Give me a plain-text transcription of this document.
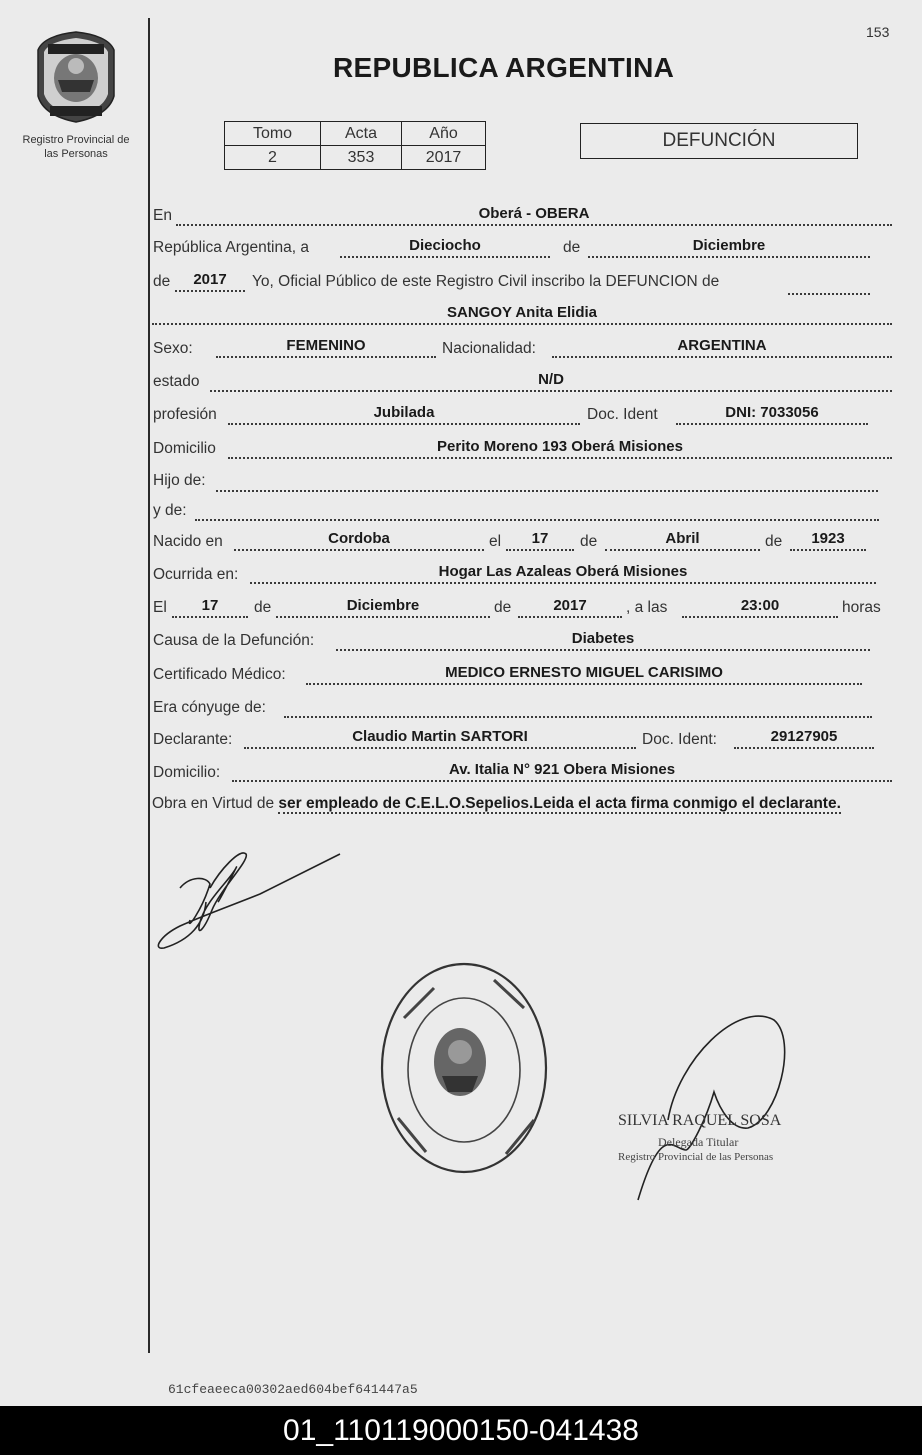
Registro Provincial de
las Personas
153
REPUBLICA ARGENTINA
Tomo	Acta	Año
2	353	2017
DEFUNCIÓN
En	Oberá - OBERA
República Argentina, a	Dieciocho	de	Diciembre
de	2017	Yo, Oficial Público de este Registro Civil inscribo la DEFUNCION de
SANGOY Anita Elidia
Sexo:	FEMENINO	Nacionalidad:	ARGENTINA
estado	N/D
profesión	Jubilada	Doc. Ident	DNI: 7033056
Domicilio	Perito Moreno 193 Oberá Misiones
Hijo de:
y de:
Nacido en	Cordoba	el	17	de	Abril	de	1923
Ocurrida en:	Hogar Las Azaleas Oberá Misiones
El	17	de	Diciembre	de	2017	, a las	23:00	horas
Causa de la Defunción:	Diabetes
Certificado Médico:	MEDICO ERNESTO MIGUEL CARISIMO
Era cónyuge de:
Declarante:	Claudio Martin SARTORI	Doc. Ident:	29127905
Domicilio:	Av. Italia N° 921 Obera Misiones
Obra en Virtud de ser empleado de C.E.L.O.Sepelios.Leida el acta firma conmigo el declarante.
SILVIA RAQUEL SOSA
Delegada Titular
Registro Provincial de las Personas
61cfeaeeca00302aed604bef641447a5
01_110119000150-041438
